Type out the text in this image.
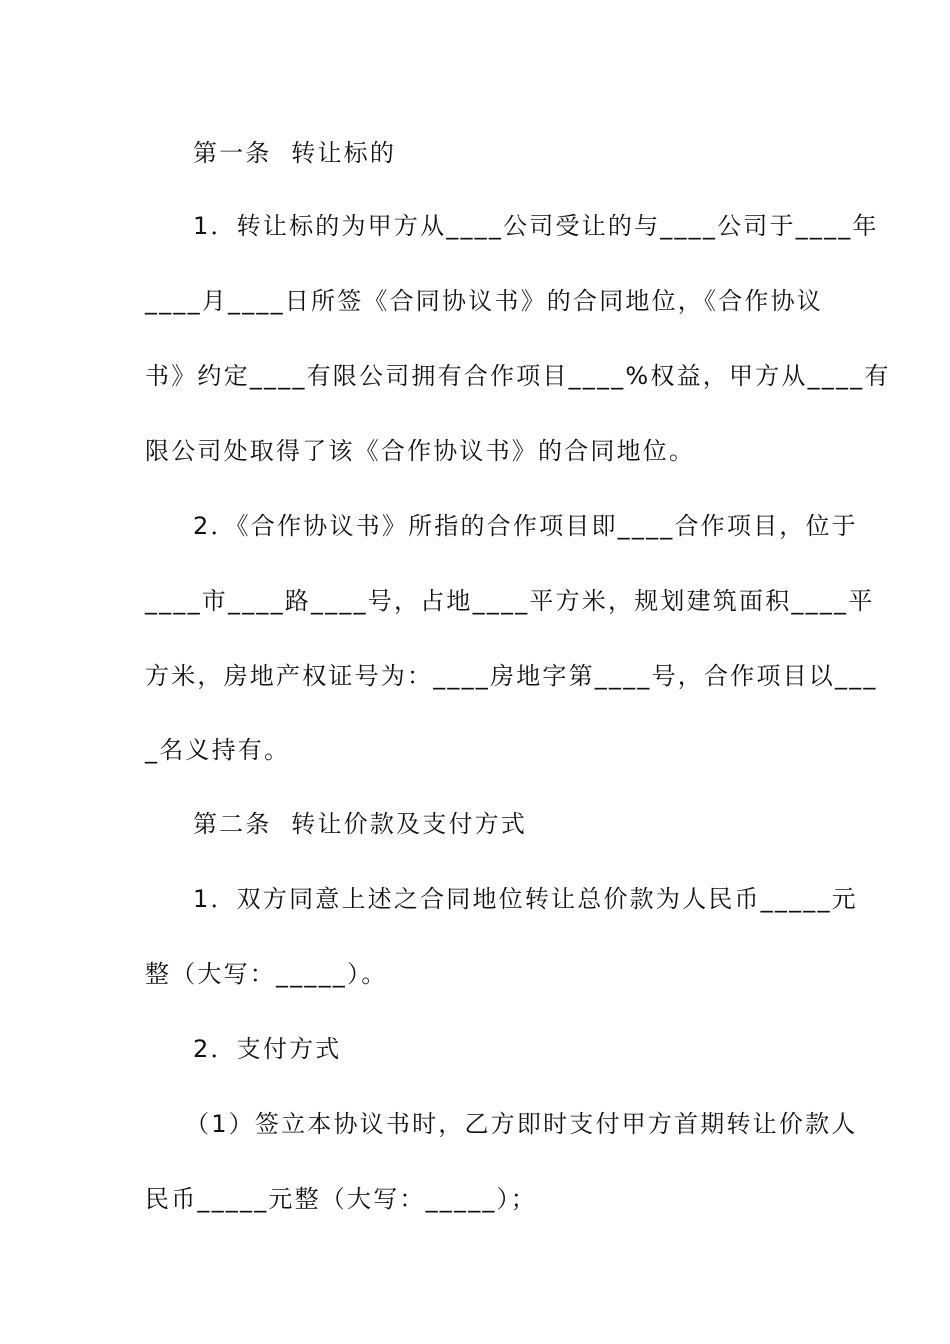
第一条  转让标的
1．转让标的为甲方从____公司受让的与____公司于____年
____月____日所签《合同协议书》的合同地位，《合作协议
书》约定____有限公司拥有合作项目____%权益，甲方从____有
限公司处取得了该《合作协议书》的合同地位。
2．《合作协议书》所指的合作项目即____合作项目，位于
____市____路____号，占地____平方米，规划建筑面积____平
方米，房地产权证号为：____房地字第____号，合作项目以___
_名义持有。
第二条  转让价款及支付方式
1．双方同意上述之合同地位转让总价款为人民币_____元
整（大写：_____）。
2．支付方式
（1）签立本协议书时，乙方即时支付甲方首期转让价款人
民币_____元整（大写：_____）；
